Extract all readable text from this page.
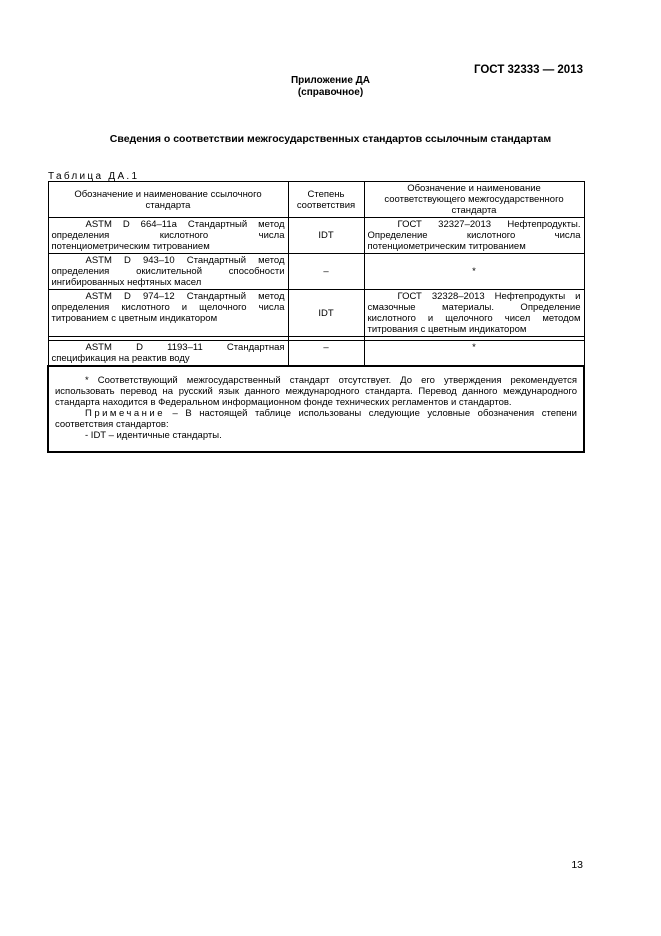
ГОСТ 32333 — 2013
Приложение ДА
(справочное)
Сведения о соответствии межгосударственных стандартов ссылочным стандартам
Таблица ДА.1
Обозначение и наименование ссылочного стандарта	Степень соответствия	Обозначение и наименование соответствующего межгосударственного стандарта
ASTM D 664–11a Стандартный метод определения кислотного числа потенциометрическим титрованием	IDT	ГОСТ 32327–2013 Нефтепродукты. Определение кислотного числа потенциометрическим титрованием
ASTM D 943–10 Стандартный метод определения окислительной способности ингибированных нефтяных масел	–	*
ASTM D 974–12 Стандартный метод определения кислотного и щелочного числа титрованием с цветным индикатором	IDT	ГОСТ 32328–2013 Нефтепродукты и смазочные материалы. Определение кислотного и щелочного чисел методом титрования с цветным индикатором

ASTM D 1193–11 Стандартная спецификация на реактив воду	–	*

* Соответствующий межгосударственный стандарт отсутствует. До его утверждения рекомендуется использовать перевод на русский язык данного международного стандарта. Перевод данного международного стандарта находится в Федеральном информационном фонде технических регламентов и стандартов.

Примечание – В настоящей таблице использованы следующие условные обозначения степени соответствия стандартов:

- IDT – идентичные стандарты.		

13
